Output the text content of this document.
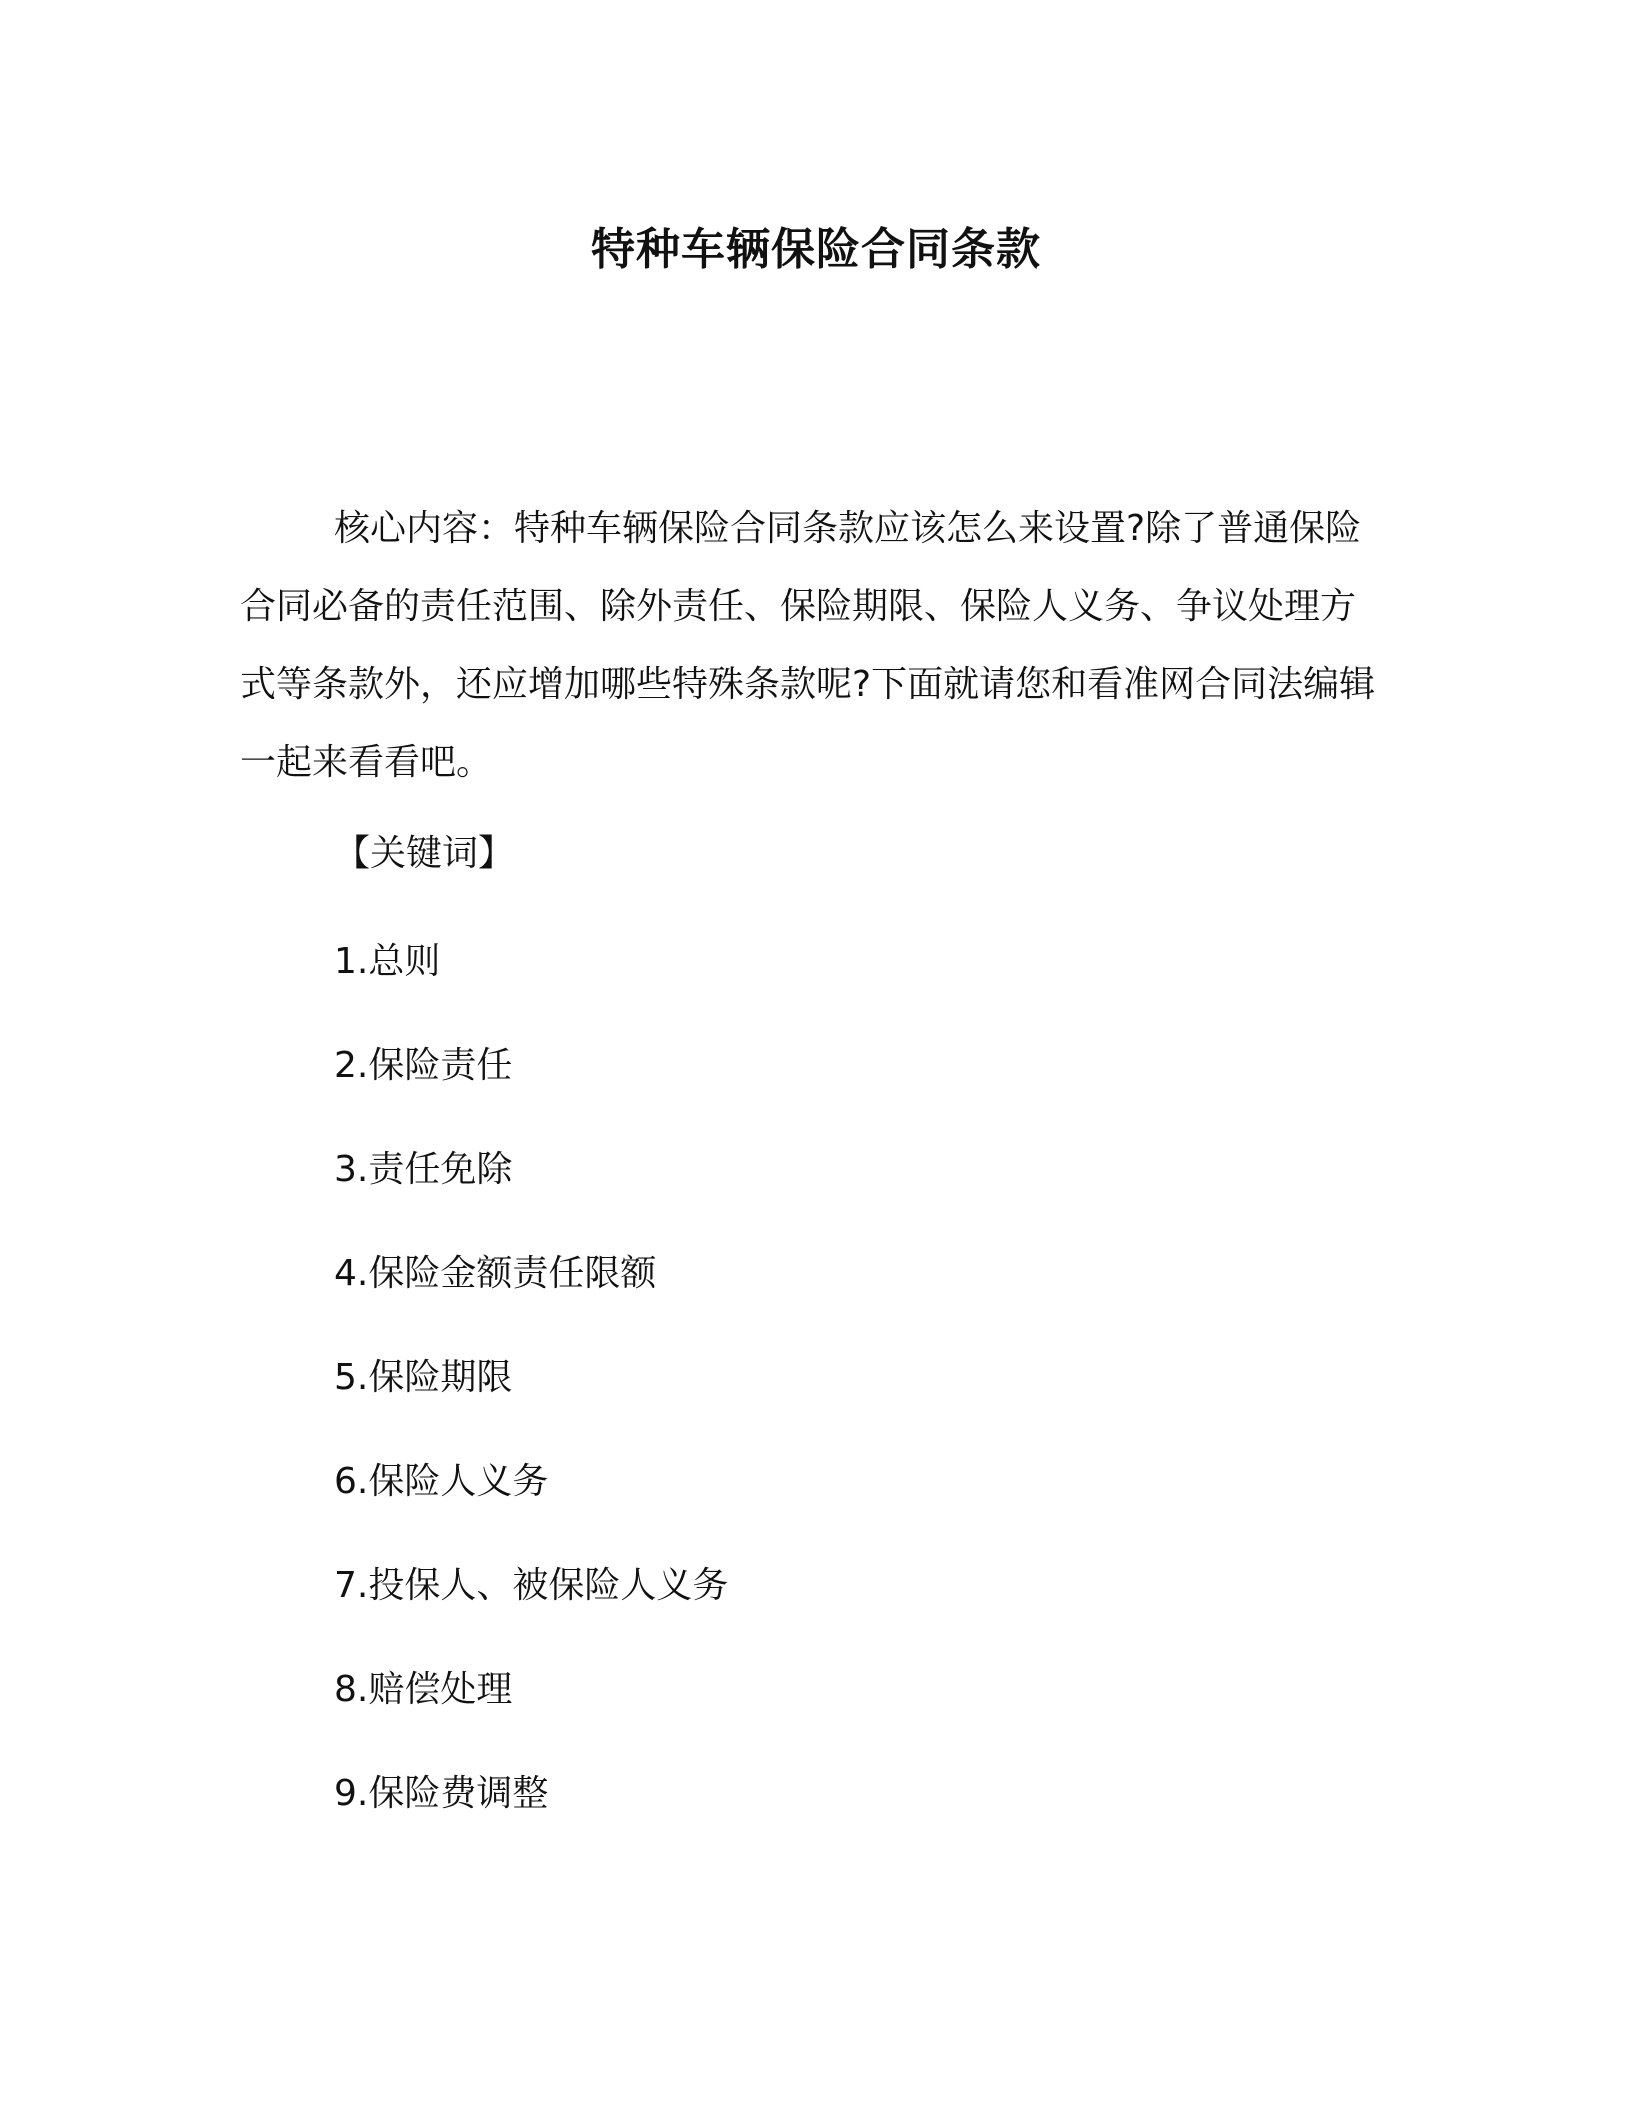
特种车辆保险合同条款

核心内容：特种车辆保险合同条款应该怎么来设置?除了普通保险合同必备的责任范围、除外责任、保险期限、保险人义务、争议处理方式等条款外，还应增加哪些特殊条款呢?下面就请您和看准网合同法编辑一起来看看吧。

【关键词】
1.总则
2.保险责任
3.责任免除
4.保险金额责任限额
5.保险期限
6.保险人义务
7.投保人、被保险人义务
8.赔偿处理
9.保险费调整
